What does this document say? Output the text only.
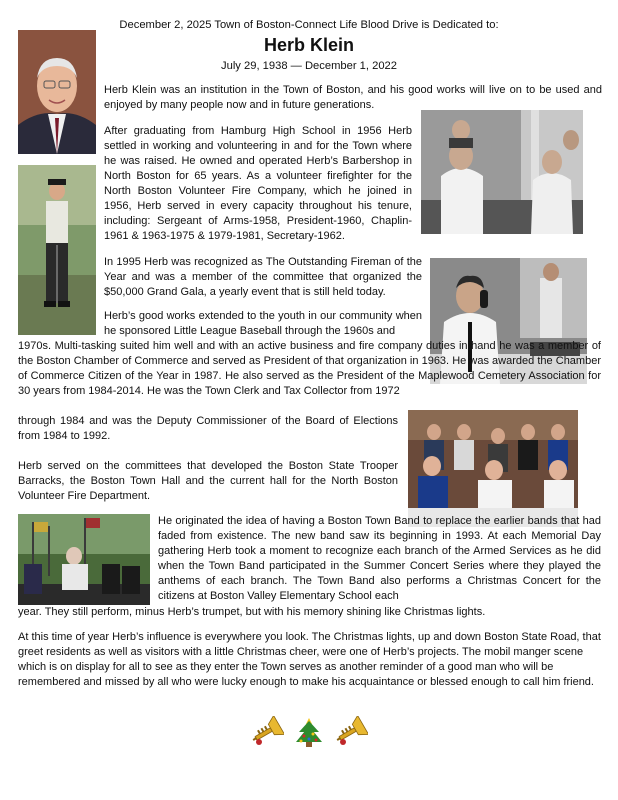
December 2, 2025 Town of Boston-Connect Life Blood Drive is Dedicated to:
Herb Klein

July 29, 1938 — December 1, 2022

Herb Klein was an institution in the Town of Boston, and his good works will live on to be used and enjoyed by many people now and in future generations.

After graduating from Hamburg High School in 1956 Herb settled in working and volunteering in and for the Town where he was raised. He owned and operated Herb’s Barbershop in North Boston for 65 years. As a volunteer firefighter for the North Boston Volunteer Fire Company, which he joined in 1956, Herb served in every capacity throughout his tenure, including: Sergeant of Arms-1958, President-1960, Chaplin-1961 & 1963-1975 & 1979-1981, Secretary-1962.

In 1995 Herb was recognized as The Outstanding Fireman of the Year and was a member of the committee that organized the $50,000 Grand Gala, a yearly event that is still held today.

Herb’s good works extended to the youth in our community when he sponsored Little League Baseball through the 1960s and

1970s. Multi-tasking suited him well and with an active business and fire company duties in hand he was a member of the Boston Chamber of Commerce and served as President of that organization in 1963. He was awarded the Chamber of Commerce Citizen of the Year in 1987. He also served as the President of the Maplewood Cemetery Association for 30 years from 1984-2014. He was the Town Clerk and Tax Collector from 1972

through 1984 and was the Deputy Commissioner of the Board of Elections from 1984 to 1992.

Herb served on the committees that developed the Boston State Trooper Barracks, the Boston Town Hall and the current hall for the North Boston Volunteer Fire Department.

He originated the idea of having a Boston Town Band to replace the earlier bands that had faded from existence. The new band saw its beginning in 1993. At each Memorial Day gathering Herb took a moment to recognize each branch of the Armed Services as he did when the Town Band participated in the Summer Concert Series where they played the anthems of each branch. The Town Band also performs a Christmas Concert for the citizens at Boston Valley Elementary School each

year. They still perform, minus Herb’s trumpet, but with his memory shining like Christmas lights.

At this time of year Herb’s influence is everywhere you look. The Christmas lights, up and down Boston State Road, that greet residents as well as visitors with a little Christmas cheer, were one of Herb’s projects. The mobil manger scene which is on display for all to see as they enter the Town serves as another reminder of a good man who will be remembered and missed by all who were lucky enough to make his acquaintance or blessed enough to call him friend.
